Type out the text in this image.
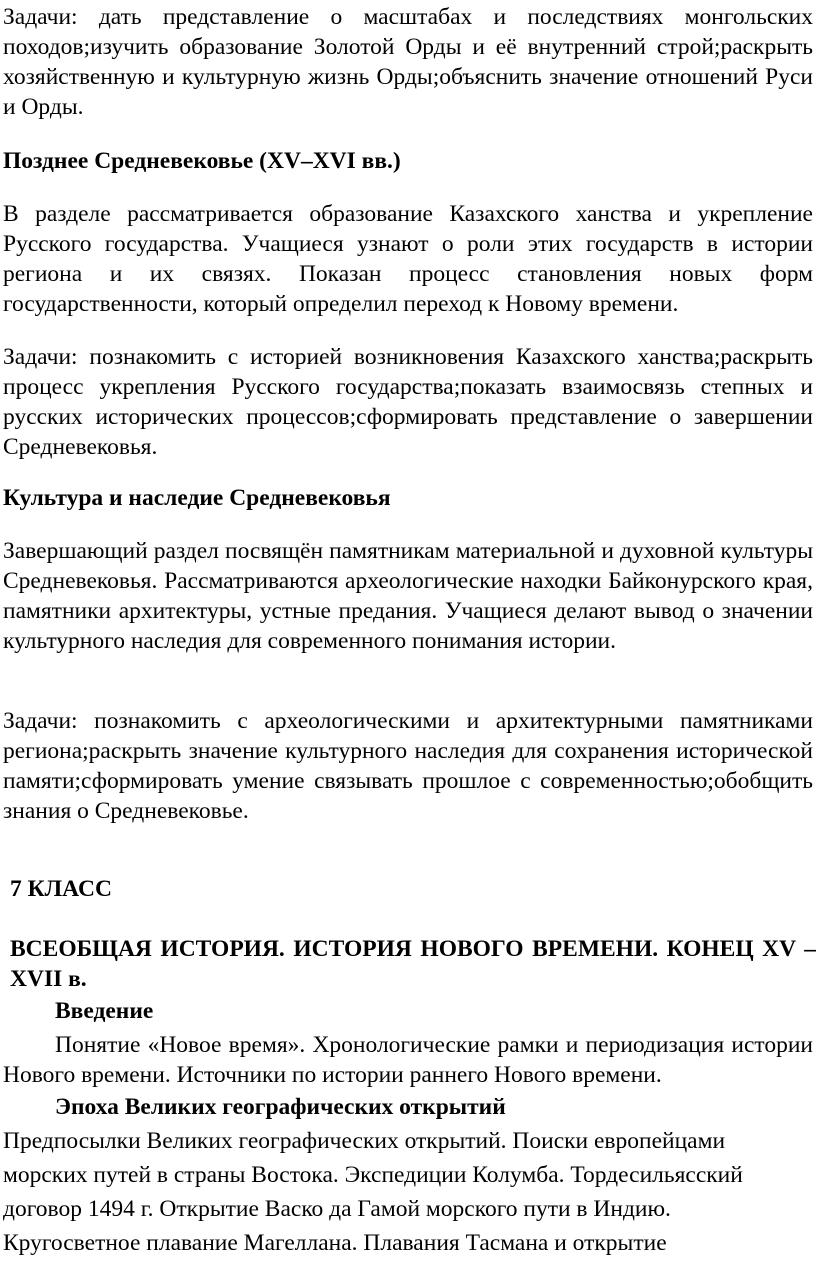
Задачи: дать представление о масштабах и последствиях монгольских походов;изучить образование Золотой Орды и её внутренний строй;раскрыть хозяйственную и культурную жизнь Орды;объяснить значение отношений Руси и Орды.

Позднее Средневековье (XV–XVI вв.)

В разделе рассматривается образование Казахского ханства и укрепление Русского государства. Учащиеся узнают о роли этих государств в истории региона и их связях. Показан процесс становления новых форм государственности, который определил переход к Новому времени.

Задачи: познакомить с историей возникновения Казахского ханства;раскрыть процесс укрепления Русского государства;показать взаимосвязь степных и русских исторических процессов;сформировать представление о завершении Средневековья.

Культура и наследие Средневековья

Завершающий раздел посвящён памятникам материальной и духовной культуры Средневековья. Рассматриваются археологические находки Байконурского края, памятники архитектуры, устные предания. Учащиеся делают вывод о значении культурного наследия для современного понимания истории.

Задачи: познакомить с археологическими и архитектурными памятниками региона;раскрыть значение культурного наследия для сохранения исторической памяти;сформировать умение связывать прошлое с современностью;обобщить знания о Средневековье.

7 КЛАСС
ВСЕОБЩАЯ ИСТОРИЯ. ИСТОРИЯ НОВОГО ВРЕМЕНИ. КОНЕЦ XV – XVII в.
Введение

Понятие «Новое время». Хронологические рамки и периодизация истории Нового времени. Источники по истории раннего Нового времени.

Эпоха Великих географических открытий

Предпосылки Великих географических открытий. Поиски европейцами морских путей в страны Востока. Экспедиции Колумба. Тордесильясский договор 1494 г. Открытие Васко да Гамой морского пути в Индию. Кругосветное плавание Магеллана. Плавания Тасмана и открытие
